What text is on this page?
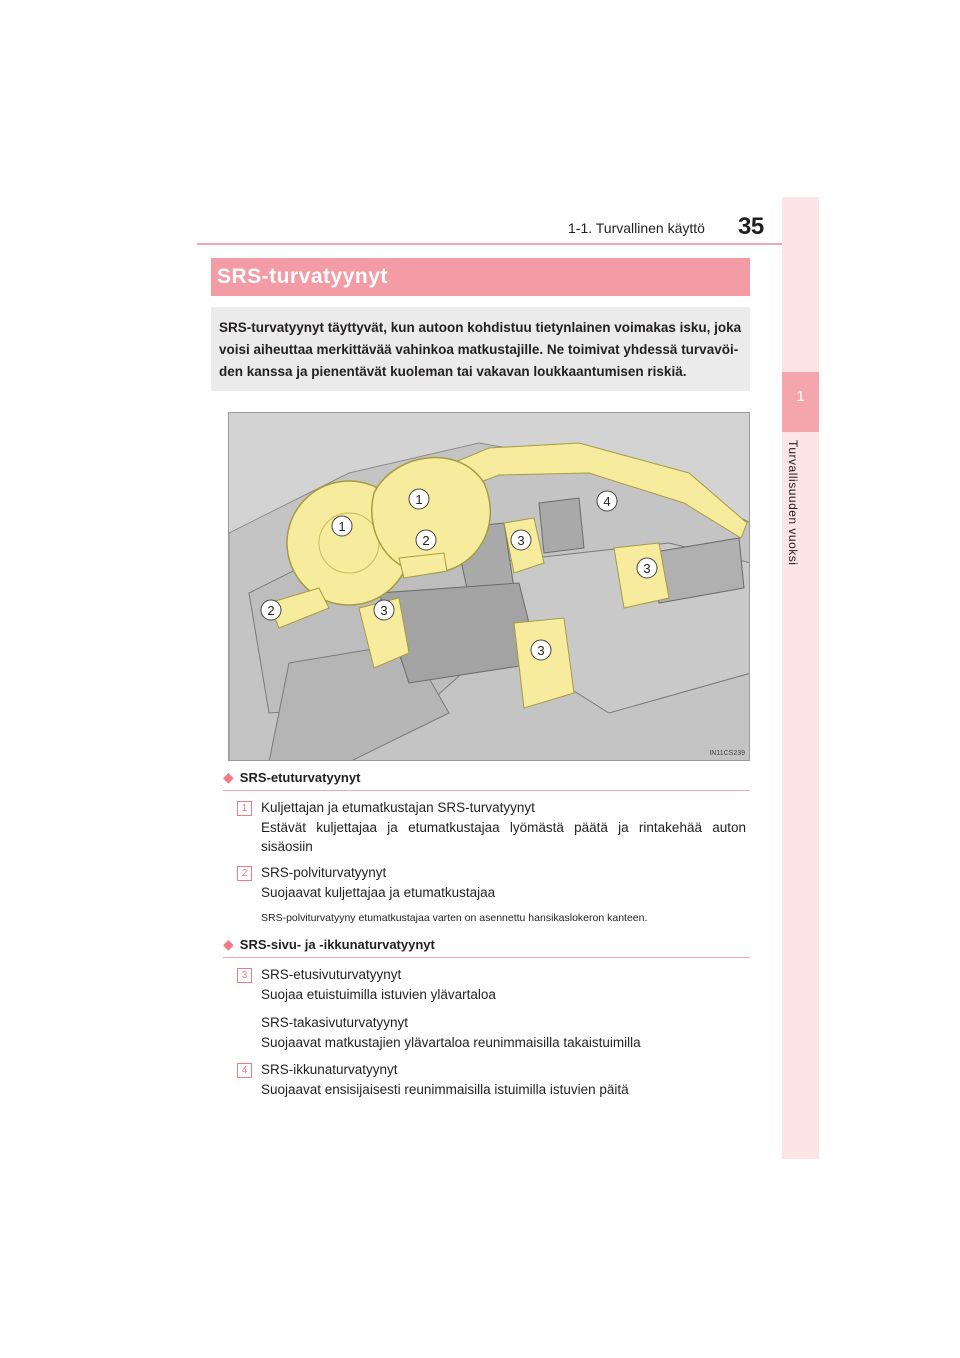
1-1. Turvallinen käyttö 35
1
Turvallisuuden vuoksi
SRS-turvatyynyt
SRS-turvatyynyt täyttyvät, kun autoon kohdistuu tietynlainen voimakas isku, joka voisi aiheuttaa merkittävää vahinkoa matkustajille. Ne toimivat yhdessä turvavöiden kanssa ja pienentävät kuoleman tai vakavan loukkaantumisen riskiä.
1
1
2
2
3
3
3
3
4
IN11CS239
◆ SRS-etuturvatyynyt
1	Kuljettajan ja etumatkustajan SRS-turvatyynyt
Estävät kuljettajaa ja etumatkustajaa lyömästä päätä ja rintakehää auton sisäosiin
2	SRS-polviturvatyynyt
Suojaavat kuljettajaa ja etumatkustajaa
SRS-polviturvatyyny etumatkustajaa varten on asennettu hansikaslokeron kanteen.
◆ SRS-sivu- ja -ikkunaturvatyynyt
3	SRS-etusivuturvatyynyt
Suojaa etuistuimilla istuvien ylävartaloa
SRS-takasivuturvatyynyt
Suojaavat matkustajien ylävartaloa reunimmaisilla takaistuimilla
4	SRS-ikkunaturvatyynyt
Suojaavat ensisijaisesti reunimmaisilla istuimilla istuvien päitä
